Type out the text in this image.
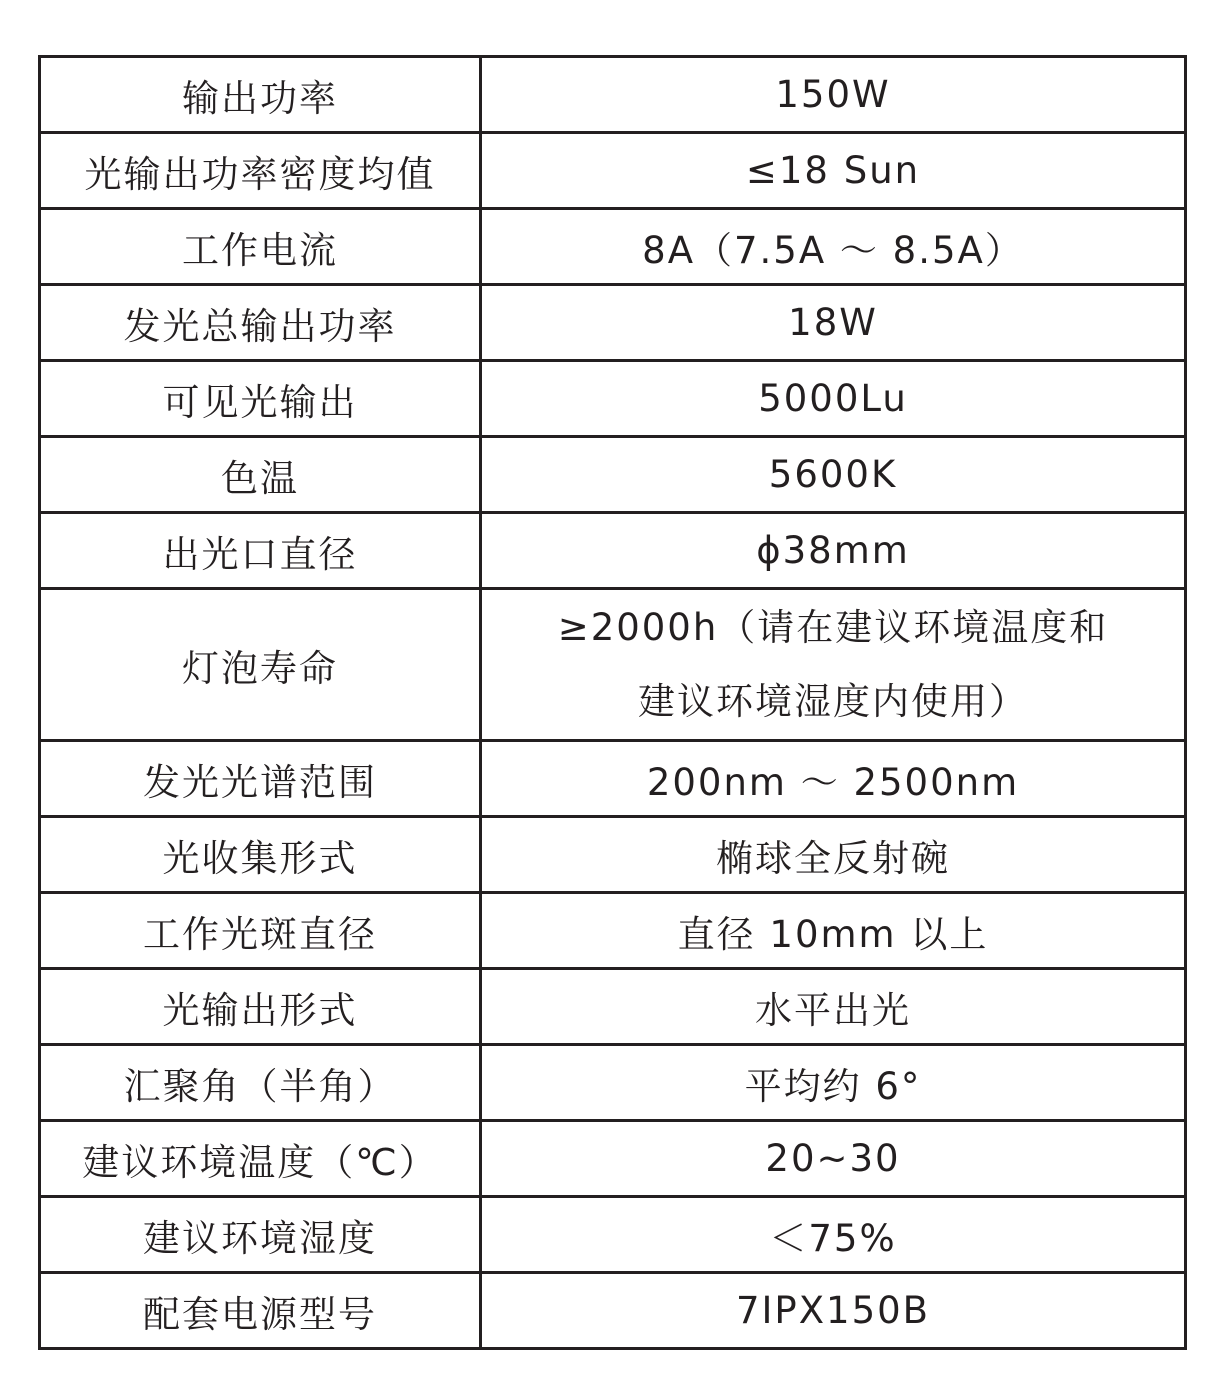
输出功率	150W
光输出功率密度均值	≤18 Sun
工作电流	8A（7.5A ～ 8.5A）
发光总输出功率	18W
可见光输出	5000Lu
色温	5600K
出光口直径	ϕ38mm
灯泡寿命	≥2000h（请在建议环境温度和
建议环境湿度内使用）

发光光谱范围	200nm ～ 2500nm
光收集形式	椭球全反射碗
工作光斑直径	直径 10mm 以上
光输出形式	水平出光
汇聚角（半角）	平均约 6°
建议环境温度（℃）	20~30
建议环境湿度	＜75%
配套电源型号	7IPX150B
